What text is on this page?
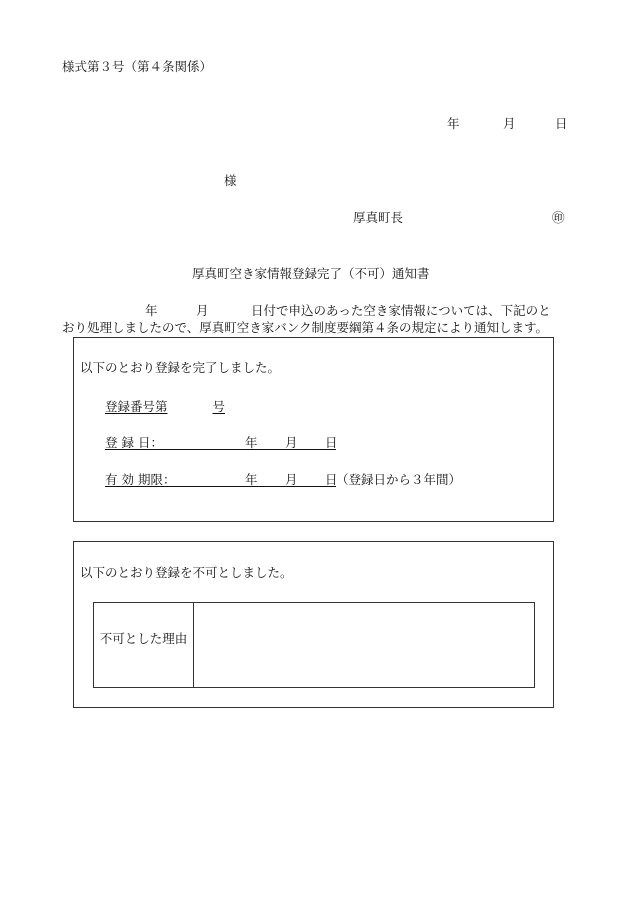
様式第３号（第４条関係）
年	月	日
様
厚真町長	㊞
厚真町空き家情報登録完了（不可）通知書
年	月	日付で申込のあった空き家情報については、下記のと
おり処理しましたので、厚真町空き家バンク制度要綱第４条の規定により通知します。
以下のとおり登録を完了しました。
登録番号第	号
登 録 日：	年 月 日
有 効 期限：	年 月 日
（登録日から３年間）
以下のとおり登録を不可としました。
不可とした理由
